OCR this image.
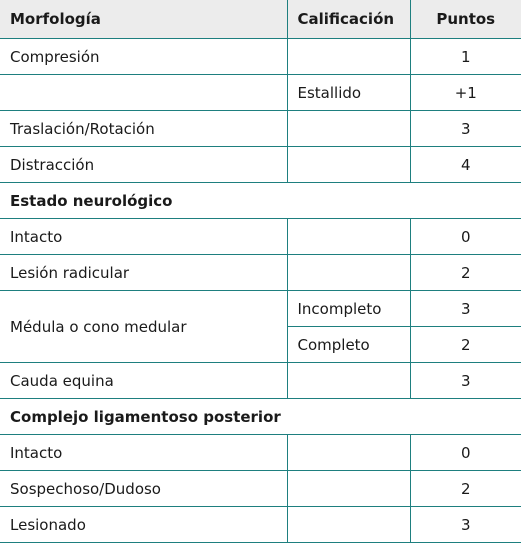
Morfología	Calificación	Puntos
Compresión		1
	Estallido	+1
Traslación/Rotación		3
Distracción		4
Estado neurológico		
Intacto		0
Lesión radicular		2
Médula o cono medular	Incompleto	3
	Completo	2
Cauda equina		3
Complejo ligamentoso posterior		
Intacto		0
Sospechoso/Dudoso		2
Lesionado		3
